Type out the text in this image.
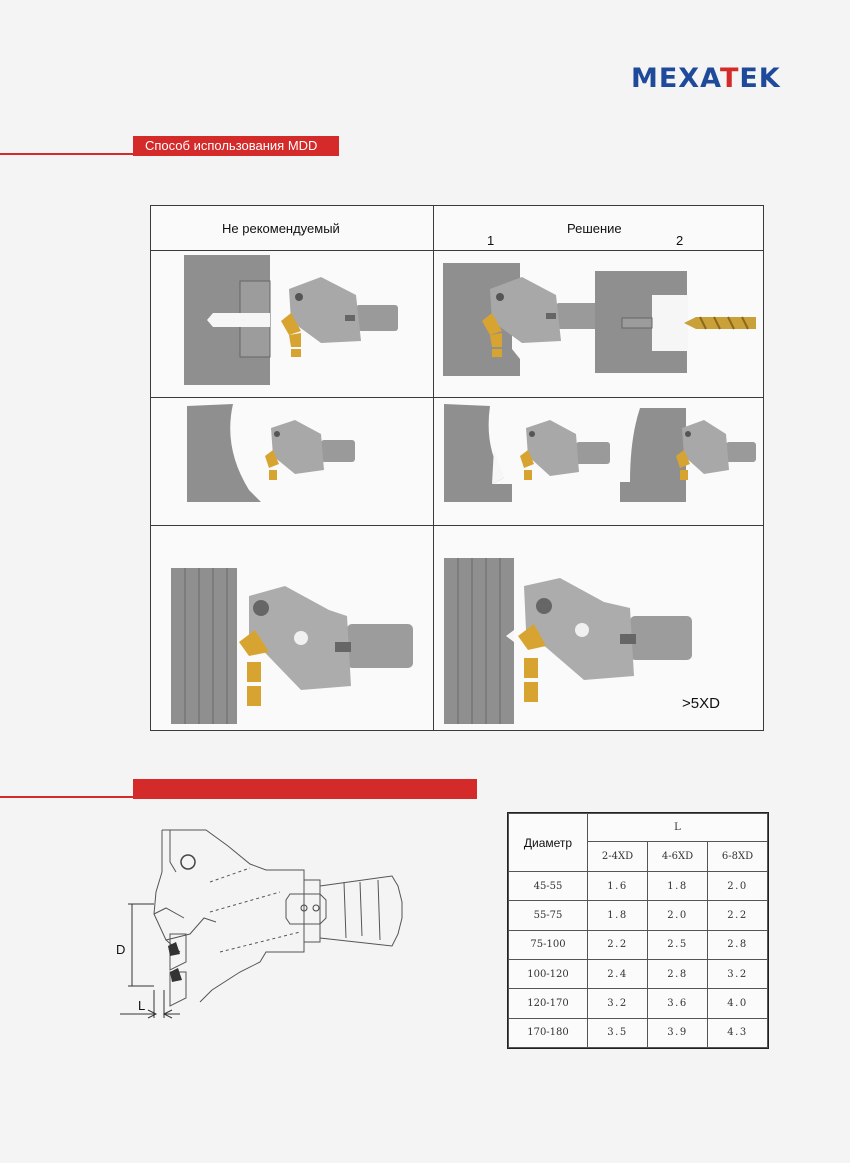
MEXATEK
Способ использования MDD
Не рекомендуемый	Решение
1	2
>5XD
D
L
Диаметр	L		
	2-4XD	4-6XD	6-8XD
45-55	1.6	1.8	2.0
55-75	1.8	2.0	2.2
75-100	2.2	2.5	2.8
100-120	2.4	2.8	3.2
120-170	3.2	3.6	4.0
170-180	3.5	3.9	4.3
